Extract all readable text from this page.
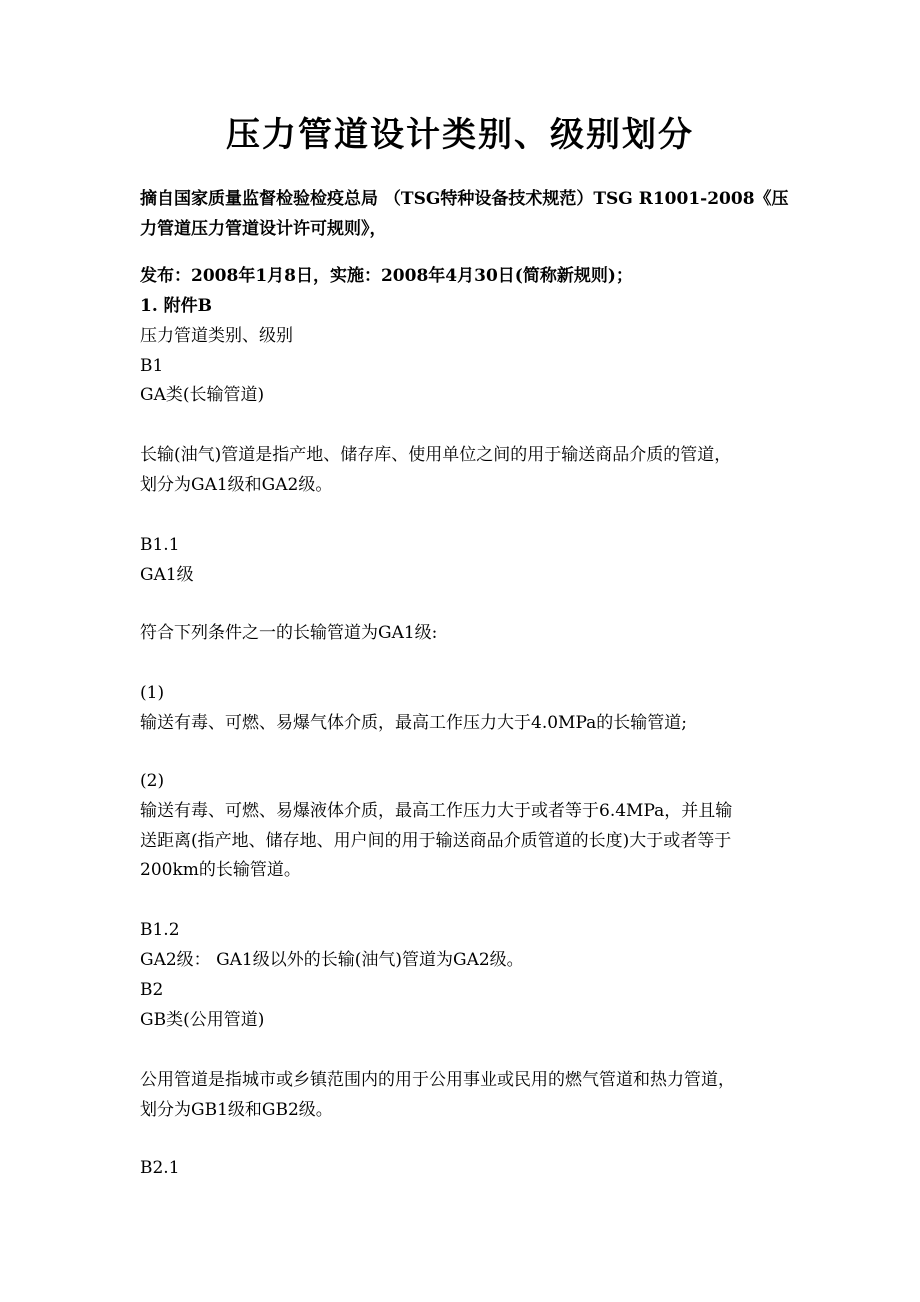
压力管道设计类别、级别划分
摘自国家质量监督检验检疫总局 （TSG特种设备技术规范）TSG R1001-2008《压
力管道压力管道设计许可规则》，
发布：2008年1月8日，实施：2008年4月30日(简称新规则)；
1. 附件B
压力管道类别、级别
B1
GA类(长输管道)
长输(油气)管道是指产地、储存库、使用单位之间的用于输送商品介质的管道，
划分为GA1级和GA2级。
B1.1
GA1级
符合下列条件之一的长输管道为GA1级:
(1)
输送有毒、可燃、易爆气体介质，最高工作压力大于4.0MPa的长输管道;
(2)
输送有毒、可燃、易爆液体介质，最高工作压力大于或者等于6.4MPa，并且输
送距离(指产地、储存地、用户间的用于输送商品介质管道的长度)大于或者等于
200km的长输管道。
B1.2
GA2级： GA1级以外的长输(油气)管道为GA2级。
B2
GB类(公用管道)
公用管道是指城市或乡镇范围内的用于公用事业或民用的燃气管道和热力管道，
划分为GB1级和GB2级。
B2.1
